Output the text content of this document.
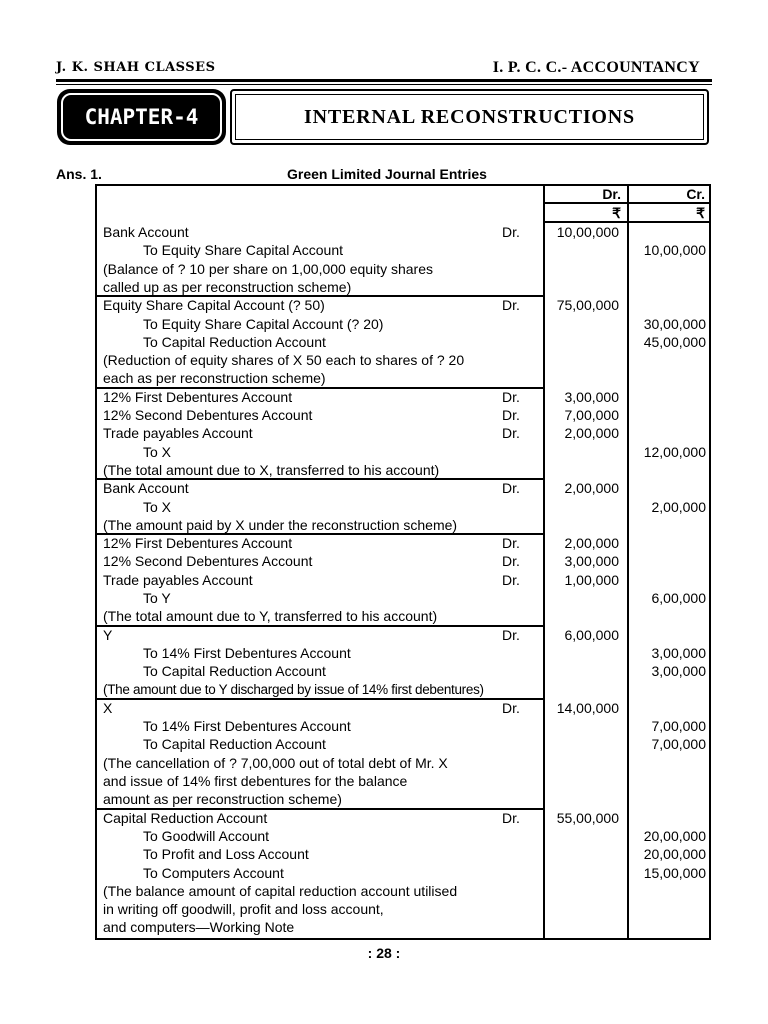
J. K. SHAH CLASSES	I. P. C. C.- ACCOUNTANCY
CHAPTER-4	INTERNAL RECONSTRUCTIONS
Ans. 1.	Green Limited Journal Entries
Dr.	Cr.
₹	₹
Bank Account	Dr.	10,00,000
To Equity Share Capital Account	10,00,000
(Balance of ? 10 per share on 1,00,000 equity shares
called up as per reconstruction scheme)
Equity Share Capital Account (? 50)	Dr.	75,00,000
To Equity Share Capital Account (? 20)	30,00,000
To Capital Reduction Account	45,00,000
(Reduction of equity shares of X 50 each to shares of ? 20
each as per reconstruction scheme)
12% First Debentures Account	Dr.	3,00,000
12% Second Debentures Account	Dr.	7,00,000
Trade payables Account	Dr.	2,00,000
To X	12,00,000
(The total amount due to X, transferred to his account)
Bank Account	Dr.	2,00,000
To X	2,00,000
(The amount paid by X under the reconstruction scheme)
12% First Debentures Account	Dr.	2,00,000
12% Second Debentures Account	Dr.	3,00,000
Trade payables Account	Dr.	1,00,000
To Y	6,00,000
(The total amount due to Y, transferred to his account)
Y	Dr.	6,00,000
To 14% First Debentures Account	3,00,000
To Capital Reduction Account	3,00,000
(The amount due to Y discharged by issue of 14% first debentures)
X	Dr.	14,00,000
To 14% First Debentures Account	7,00,000
To Capital Reduction Account	7,00,000
(The cancellation of ? 7,00,000 out of total debt of Mr. X
and issue of 14% first debentures for the balance
amount as per reconstruction scheme)
Capital Reduction Account	Dr.	55,00,000
To Goodwill Account	20,00,000
To Profit and Loss Account	20,00,000
To Computers Account	15,00,000
(The balance amount of capital reduction account utilised
in writing off goodwill, profit and loss account,
and computers—Working Note
: 28 :
